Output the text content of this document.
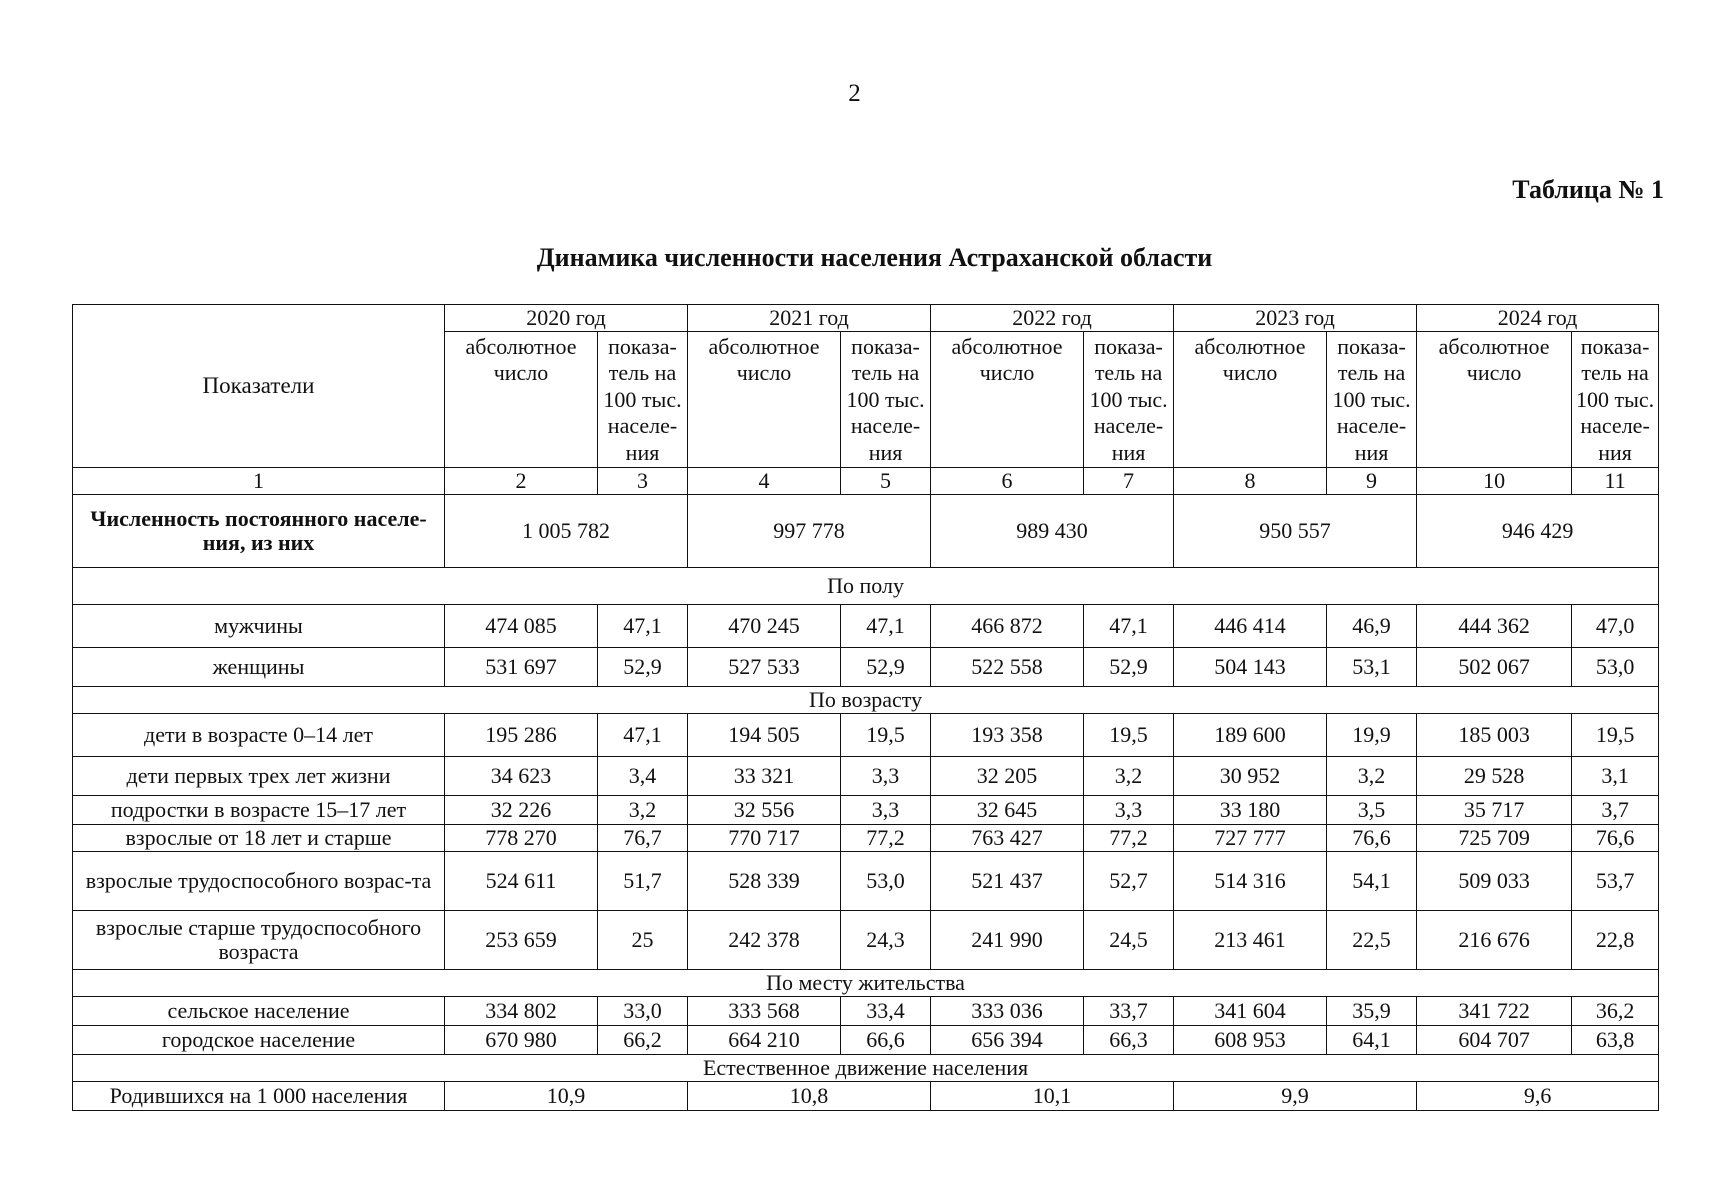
2
Таблица № 1
Динамика численности населения Астраханской области
Показатели	2020 год		2021 год		2022 год		2023 год		2024 год	
	абсолютное число	показа-тель на 100 тыс. населе-ния	абсолютное число	показа-тель на 100 тыс. населе-ния	абсолютное число	показа-тель на 100 тыс. населе-ния	абсолютное число	показа-тель на 100 тыс. населе-ния	абсолютное число	показа-тель на 100 тыс. населе-ния
1	2	3	4	5	6	7	8	9	10	11
Численность постоянного населе-ния, из них	1 005 782		997 778		989 430		950 557		946 429	
По полу										
мужчины	474 085	47,1	470 245	47,1	466 872	47,1	446 414	46,9	444 362	47,0
женщины	531 697	52,9	527 533	52,9	522 558	52,9	504 143	53,1	502 067	53,0
По возрасту										
дети в возрасте 0–14 лет	195 286	47,1	194 505	19,5	193 358	19,5	189 600	19,9	185 003	19,5
дети первых трех лет жизни	34 623	3,4	33 321	3,3	32 205	3,2	30 952	3,2	29 528	3,1
подростки в возрасте 15–17 лет	32 226	3,2	32 556	3,3	32 645	3,3	33 180	3,5	35 717	3,7
взрослые от 18 лет и старше	778 270	76,7	770 717	77,2	763 427	77,2	727 777	76,6	725 709	76,6
взрослые трудоспособного возрас-та	524 611	51,7	528 339	53,0	521 437	52,7	514 316	54,1	509 033	53,7
взрослые старше трудоспособного возраста	253 659	25	242 378	24,3	241 990	24,5	213 461	22,5	216 676	22,8
По месту жительства										
сельское население	334 802	33,0	333 568	33,4	333 036	33,7	341 604	35,9	341 722	36,2
городское население	670 980	66,2	664 210	66,6	656 394	66,3	608 953	64,1	604 707	63,8
Естественное движение населения										
Родившихся на 1 000 населения	10,9		10,8		10,1		9,9		9,6	
